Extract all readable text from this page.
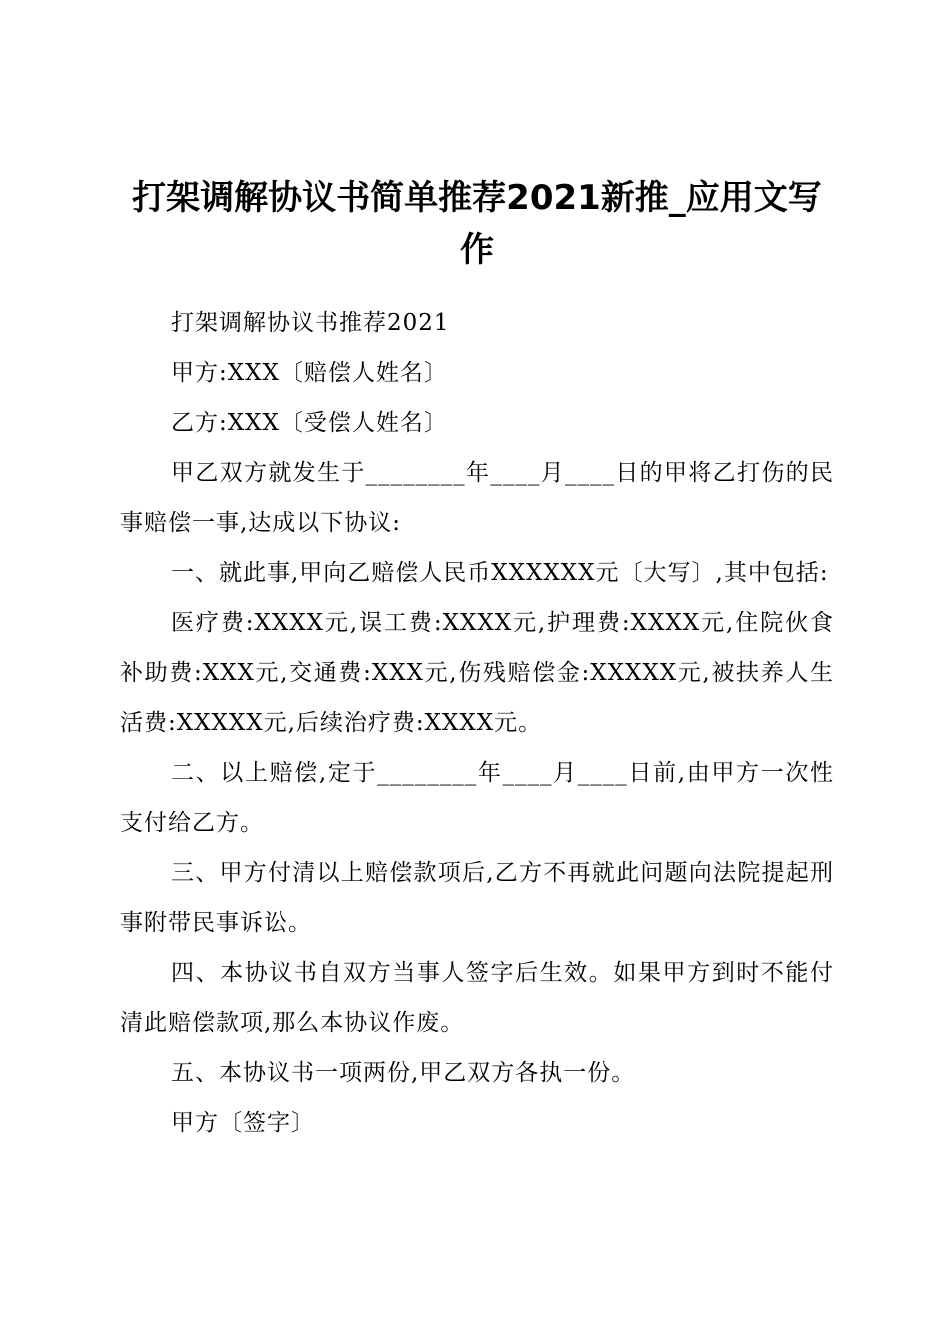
打架调解协议书简单推荐2021新推_应用文写作

打架调解协议书推荐2021

甲方:XXX〔赔偿人姓名〕

乙方:XXX〔受偿人姓名〕

甲乙双方就发生于________年____月____日的甲将乙打伤的民事赔偿一事,达成以下协议:

一、就此事,甲向乙赔偿人民币XXXXXX元〔大写〕,其中包括:

医疗费:XXXX元,误工费:XXXX元,护理费:XXXX元,住院伙食补助费:XXX元,交通费:XXX元,伤残赔偿金:XXXXX元,被扶养人生活费:XXXXX元,后续治疗费:XXXX元。

二、以上赔偿,定于________年____月____日前,由甲方一次性支付给乙方。

三、甲方付清以上赔偿款项后,乙方不再就此问题向法院提起刑事附带民事诉讼。

四、本协议书自双方当事人签字后生效。如果甲方到时不能付清此赔偿款项,那么本协议作废。

五、本协议书一项两份,甲乙双方各执一份。

甲方〔签字〕
